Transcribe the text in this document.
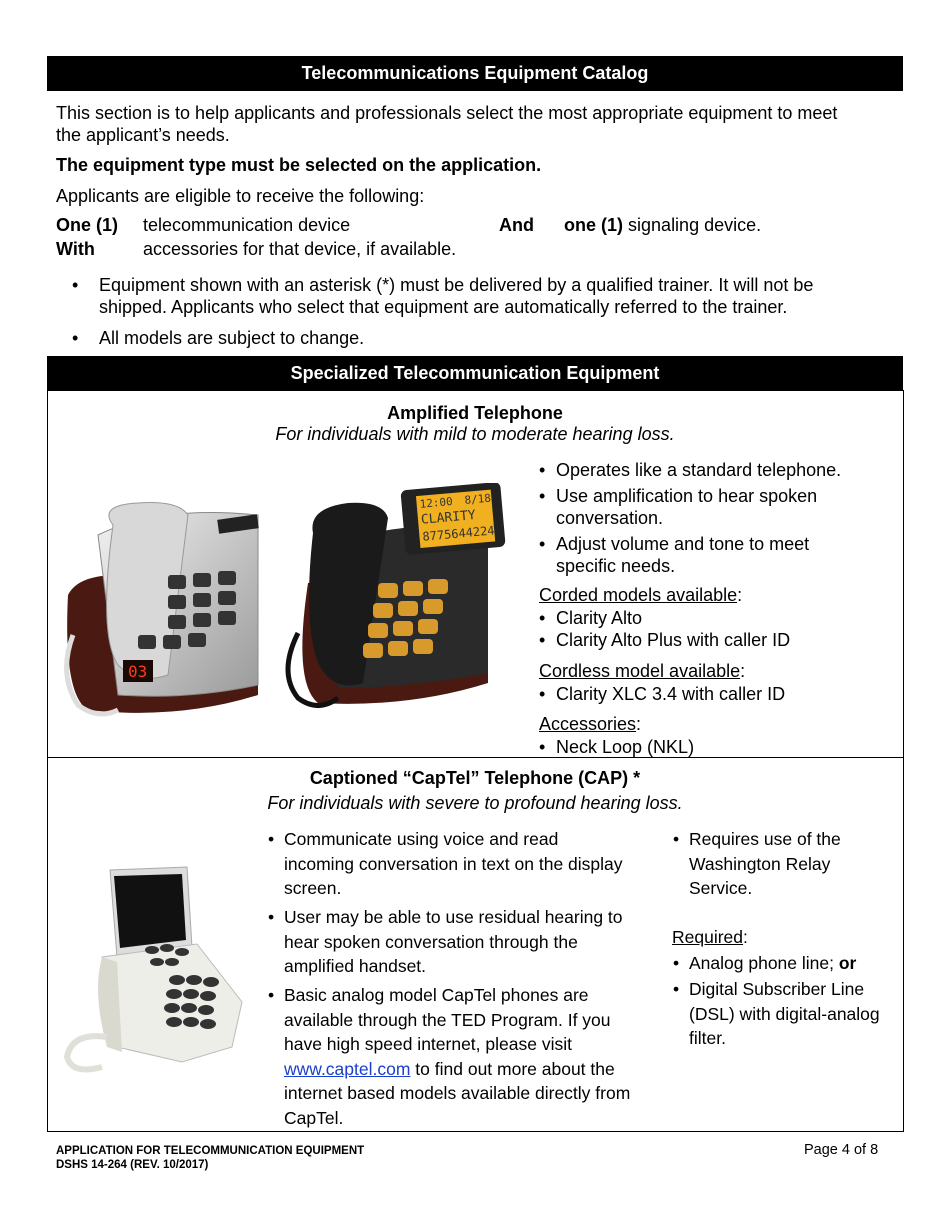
Telecommunications Equipment Catalog
This section is to help applicants and professionals select the most appropriate equipment to meet
the applicant’s needs.
The equipment type must be selected on the application.
Applicants are eligible to receive the following:
One (1) telecommunication device	And one (1) signaling device.
With	accessories for that device, if available.
• Equipment shown with an asterisk (*) must be delivered by a qualified trainer. It will not be
shipped. Applicants who select that equipment are automatically referred to the trainer.
• All models are subject to change.
Specialized Telecommunication Equipment
Amplified Telephone
For individuals with mild to moderate hearing loss.
03
12:00 8/18
CLARITY
8775644224
• Operates like a standard telephone.
• Use amplification to hear spoken
conversation.
• Adjust volume and tone to meet
specific needs.
Corded models available:
• Clarity Alto
• Clarity Alto Plus with caller ID
Cordless model available:
• Clarity XLC 3.4 with caller ID
Accessories:
• Neck Loop (NKL)
Captioned “CapTel” Telephone (CAP) *
For individuals with severe to profound hearing loss.
• Communicate using voice and read
incoming conversation in text on the display
screen.
• User may be able to use residual hearing to
hear spoken conversation through the
amplified handset.
• Basic analog model CapTel phones are
available through the TED Program. If you
have high speed internet, please visit
www.captel.com to find out more about the
internet based models available directly from
CapTel.
• Requires use of the
Washington Relay
Service.
Required:
• Analog phone line; or
• Digital Subscriber Line
(DSL) with digital-analog
filter.
APPLICATION FOR TELECOMMUNICATION EQUIPMENT
DSHS 14-264 (REV. 10/2017)
Page 4 of 8
